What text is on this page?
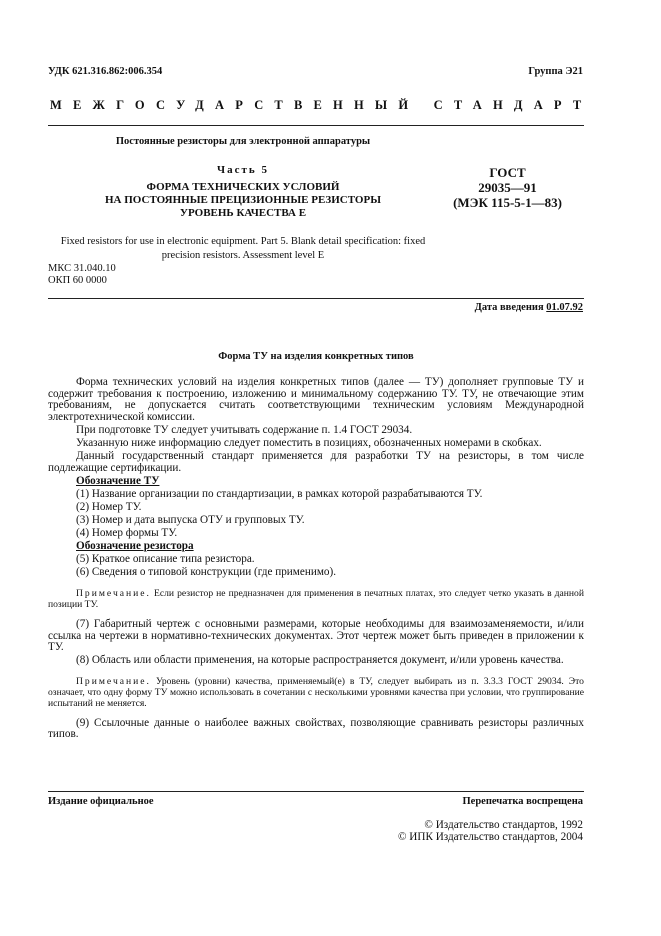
УДК 621.316.862:006.354	Группа Э21
МЕЖГОСУДАРСТВЕННЫЙ СТАНДАРТ
Постоянные резисторы для электронной аппаратуры
Часть 5
ФОРМА ТЕХНИЧЕСКИХ УСЛОВИЙ
НА ПОСТОЯННЫЕ ПРЕЦИЗИОННЫЕ РЕЗИСТОРЫ
УРОВЕНЬ КАЧЕСТВА Е
ГОСТ
29035—91
(МЭК 115-5-1—83)
Fixed resistors for use in electronic equipment. Part 5. Blank detail specification: fixed
precision resistors. Assessment level E
МКС 31.040.10
ОКП 60 0000
Дата введения 01.07.92
Форма ТУ на изделия конкретных типов

Форма технических условий на изделия конкретных типов (далее — ТУ) дополняет групповые ТУ и содержит требования к построению, изложению и минимальному содержанию ТУ. ТУ, не отвечающие этим требованиям, не допускается считать соответствующими техническим условиям Международной электротехнической комиссии.

При подготовке ТУ следует учитывать содержание п. 1.4 ГОСТ 29034.

Указанную ниже информацию следует поместить в позициях, обозначенных номерами в скобках.

Данный государственный стандарт применяется для разработки ТУ на резисторы, в том числе подлежащие сертификации.

Обозначение ТУ

(1) Название организации по стандартизации, в рамках которой разрабатываются ТУ.

(2) Номер ТУ.

(3) Номер и дата выпуска ОТУ и групповых ТУ.

(4) Номер формы ТУ.

Обозначение резистора

(5) Краткое описание типа резистора.

(6) Сведения о типовой конструкции (где применимо).

Примечание. Если резистор не предназначен для применения в печатных платах, это следует четко указать в данной позиции ТУ.

(7) Габаритный чертеж с основными размерами, которые необходимы для взаимозаменяемости, и/или ссылка на чертежи в нормативно-технических документах. Этот чертеж может быть приведен в приложении к ТУ.

(8) Область или области применения, на которые распространяется документ, и/или уровень качества.

Примечание. Уровень (уровни) качества, применяемый(е) в ТУ, следует выбирать из п. 3.3.3 ГОСТ 29034. Это означает, что одну форму ТУ можно использовать в сочетании с несколькими уровнями качества при условии, что группирование испытаний не меняется.

(9) Ссылочные данные о наиболее важных свойствах, позволяющие сравнивать резисторы различных типов.

Издание официальное	Перепечатка воспрещена
© Издательство стандартов, 1992
© ИПК Издательство стандартов, 2004
